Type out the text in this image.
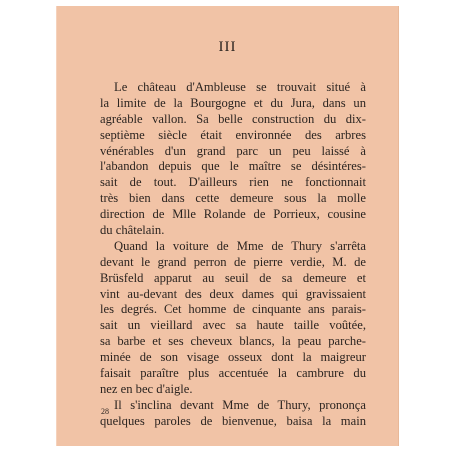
III
Le château d'Ambleuse se trouvait situé à
la limite de la Bourgogne et du Jura, dans un
agréable vallon. Sa belle construction du dix-
septième siècle était environnée des arbres
vénérables d'un grand parc un peu laissé à
l'abandon depuis que le maître se désintéres-
sait de tout. D'ailleurs rien ne fonctionnait
très bien dans cette demeure sous la molle
direction de Mlle Rolande de Porrieux, cousine
du châtelain.
Quand la voiture de Mme de Thury s'arrêta
devant le grand perron de pierre verdie, M. de
Brüsfeld apparut au seuil de sa demeure et
vint au-devant des deux dames qui gravissaient
les degrés. Cet homme de cinquante ans parais-
sait un vieillard avec sa haute taille voûtée,
sa barbe et ses cheveux blancs, la peau parche-
minée de son visage osseux dont la maigreur
faisait paraître plus accentuée la cambrure du
nez en bec d'aigle.
Il s'inclina devant Mme de Thury, prononça
quelques paroles de bienvenue, baisa la main
28
